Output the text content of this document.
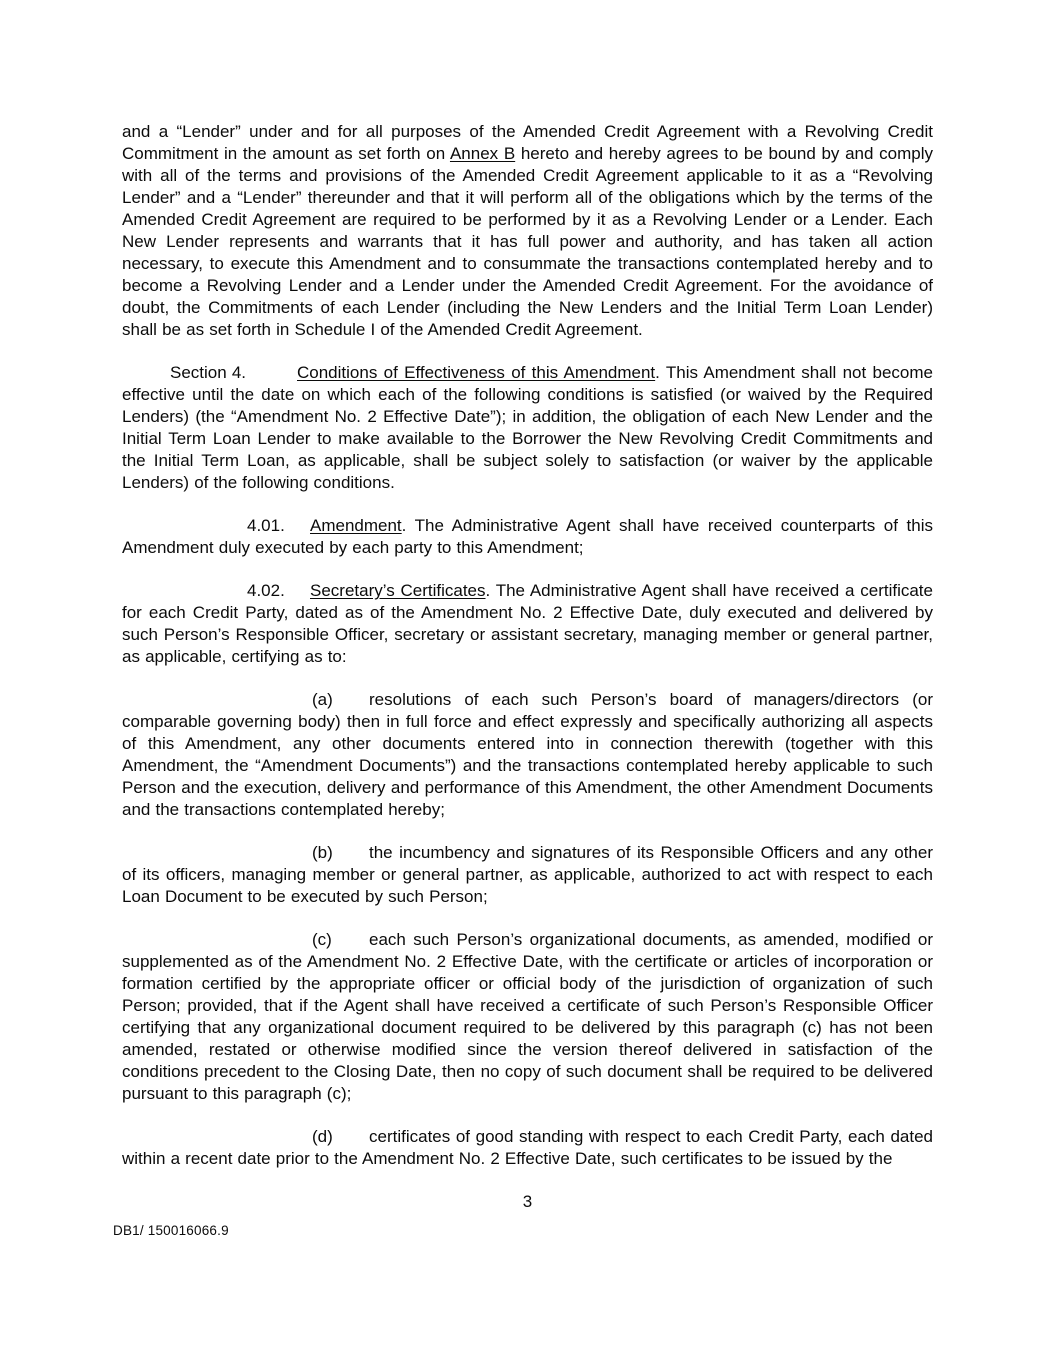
and a “Lender” under and for all purposes of the Amended Credit Agreement with a Revolving Credit Commitment in the amount as set forth on Annex B hereto and hereby agrees to be bound by and comply with all of the terms and provisions of the Amended Credit Agreement applicable to it as a “Revolving Lender” and a “Lender” thereunder and that it will perform all of the obligations which by the terms of the Amended Credit Agreement are required to be performed by it as a Revolving Lender or a Lender. Each New Lender represents and warrants that it has full power and authority, and has taken all action necessary, to execute this Amendment and to consummate the transactions contemplated hereby and to become a Revolving Lender and a Lender under the Amended Credit Agreement. For the avoidance of doubt, the Commitments of each Lender (including the New Lenders and the Initial Term Loan Lender) shall be as set forth in Schedule I of the Amended Credit Agreement.

Section 4.	Conditions of Effectiveness of this Amendment. This Amendment shall not become effective until the date on which each of the following conditions is satisfied (or waived by the Required Lenders) (the “Amendment No. 2 Effective Date”); in addition, the obligation of each New Lender and the Initial Term Loan Lender to make available to the Borrower the New Revolving Credit Commitments and the Initial Term Loan, as applicable, shall be subject solely to satisfaction (or waiver by the applicable Lenders) of the following conditions.

4.01. Amendment. The Administrative Agent shall have received counterparts of this Amendment duly executed by each party to this Amendment;

4.02. Secretary’s Certificates. The Administrative Agent shall have received a certificate for each Credit Party, dated as of the Amendment No. 2 Effective Date, duly executed and delivered by such Person’s Responsible Officer, secretary or assistant secretary, managing member or general partner, as applicable, certifying as to:

(a) resolutions of each such Person’s board of managers/directors (or comparable governing body) then in full force and effect expressly and specifically authorizing all aspects of this Amendment, any other documents entered into in connection therewith (together with this Amendment, the “Amendment Documents”) and the transactions contemplated hereby applicable to such Person and the execution, delivery and performance of this Amendment, the other Amendment Documents and the transactions contemplated hereby;

(b) the incumbency and signatures of its Responsible Officers and any other of its officers, managing member or general partner, as applicable, authorized to act with respect to each Loan Document to be executed by such Person;

(c) each such Person’s organizational documents, as amended, modified or supplemented as of the Amendment No. 2 Effective Date, with the certificate or articles of incorporation or formation certified by the appropriate officer or official body of the jurisdiction of organization of such Person; provided, that if the Agent shall have received a certificate of such Person’s Responsible Officer certifying that any organizational document required to be delivered by this paragraph (c) has not been amended, restated or otherwise modified since the version thereof delivered in satisfaction of the conditions precedent to the Closing Date, then no copy of such document shall be required to be delivered pursuant to this paragraph (c);

(d) certificates of good standing with respect to each Credit Party, each dated within a recent date prior to the Amendment No. 2 Effective Date, such certificates to be issued by the

3
DB1/ 150016066.9
